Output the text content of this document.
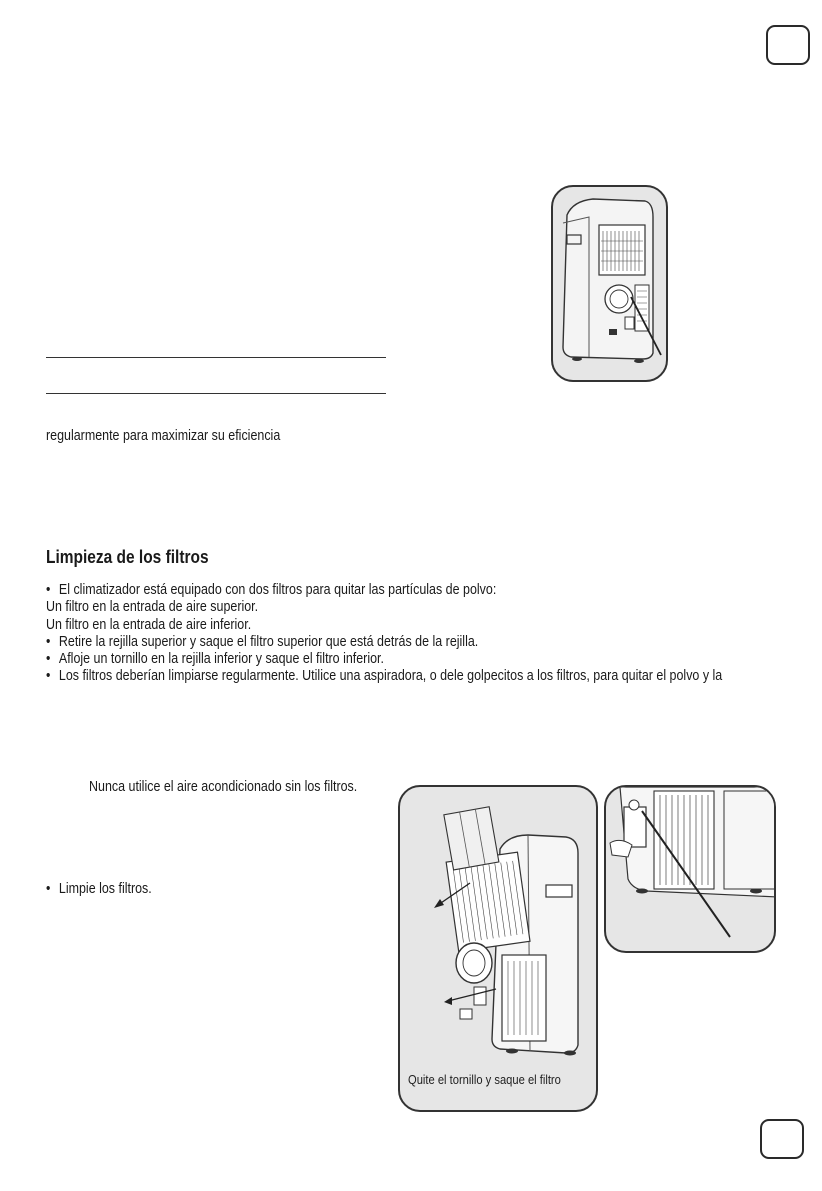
regularmente para maximizar su eficiencia
Limpieza de los filtros
• El climatizador está equipado con dos filtros para quitar las partículas de polvo:
Un filtro en la entrada de aire superior.
Un filtro en la entrada de aire inferior.
• Retire la rejilla superior y saque el filtro superior que está detrás de la rejilla.
• Afloje un tornillo en la rejilla inferior y saque el filtro inferior.
• Los filtros deberían limpiarse regularmente. Utilice una aspiradora, o dele golpecitos a los filtros, para quitar el polvo y la
Nunca utilice el aire acondicionado sin los filtros.
• Limpie los filtros.
Quite el tornillo y saque el filtro
